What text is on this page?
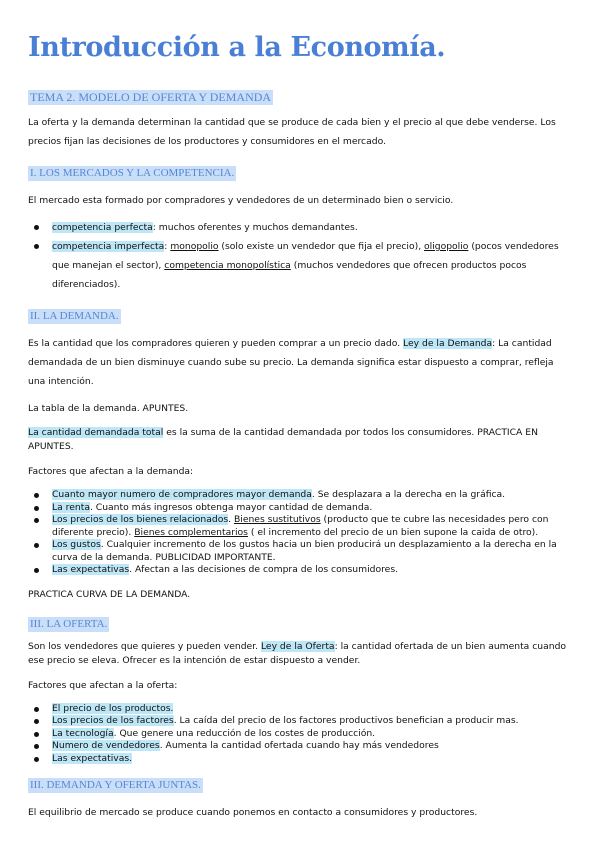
Introducción a la Economía.
TEMA 2. MODELO DE OFERTA Y DEMANDA

La oferta y la demanda determinan la cantidad que se produce de cada bien y el precio al que debe venderse. Los precios fijan las decisiones de los productores y consumidores en el mercado.

I. LOS MERCADOS Y LA COMPETENCIA.

El mercado esta formado por compradores y vendedores de un determinado bien o servicio.

competencia perfecta: muchos oferentes y muchos demandantes.
competencia imperfecta: monopolio (solo existe un vendedor que fija el precio), oligopolio (pocos vendedores que manejan el sector), competencia monopolística (muchos vendedores que ofrecen productos pocos diferenciados).
II. LA DEMANDA.

Es la cantidad que los compradores quieren y pueden comprar a un precio dado. Ley de la Demanda: La cantidad demandada de un bien disminuye cuando sube su precio. La demanda significa estar dispuesto a comprar, refleja una intención.

La tabla de la demanda. APUNTES.

La cantidad demandada total es la suma de la cantidad demandada por todos los consumidores. PRACTICA EN APUNTES.

Factores que afectan a la demanda:

Cuanto mayor numero de compradores mayor demanda. Se desplazara a la derecha en la gráfica.
La renta. Cuanto más ingresos obtenga mayor cantidad de demanda.
Los precios de los bienes relacionados. Bienes sustitutivos (producto que te cubre las necesidades pero con diferente precio). Bienes complementarios ( el incremento del precio de un bien supone la caida de otro).
Los gustos. Cualquier incremento de los gustos hacia un bien producirá un desplazamiento a la derecha en la curva de la demanda. PUBLICIDAD IMPORTANTE.
Las expectativas. Afectan a las decisiones de compra de los consumidores.

PRACTICA CURVA DE LA DEMANDA.

III. LA OFERTA.

Son los vendedores que quieres y pueden vender. Ley de la Oferta: la cantidad ofertada de un bien aumenta cuando ese precio se eleva. Ofrecer es la intención de estar dispuesto a vender.

Factores que afectan a la oferta:

El precio de los productos.
Los precios de los factores. La caída del precio de los factores productivos benefician a producir mas.
La tecnología. Que genere una reducción de los costes de producción.
Numero de vendedores. Aumenta la cantidad ofertada cuando hay más vendedores
Las expectativas.
III. DEMANDA Y OFERTA JUNTAS.

El equilibrio de mercado se produce cuando ponemos en contacto a consumidores y productores.
